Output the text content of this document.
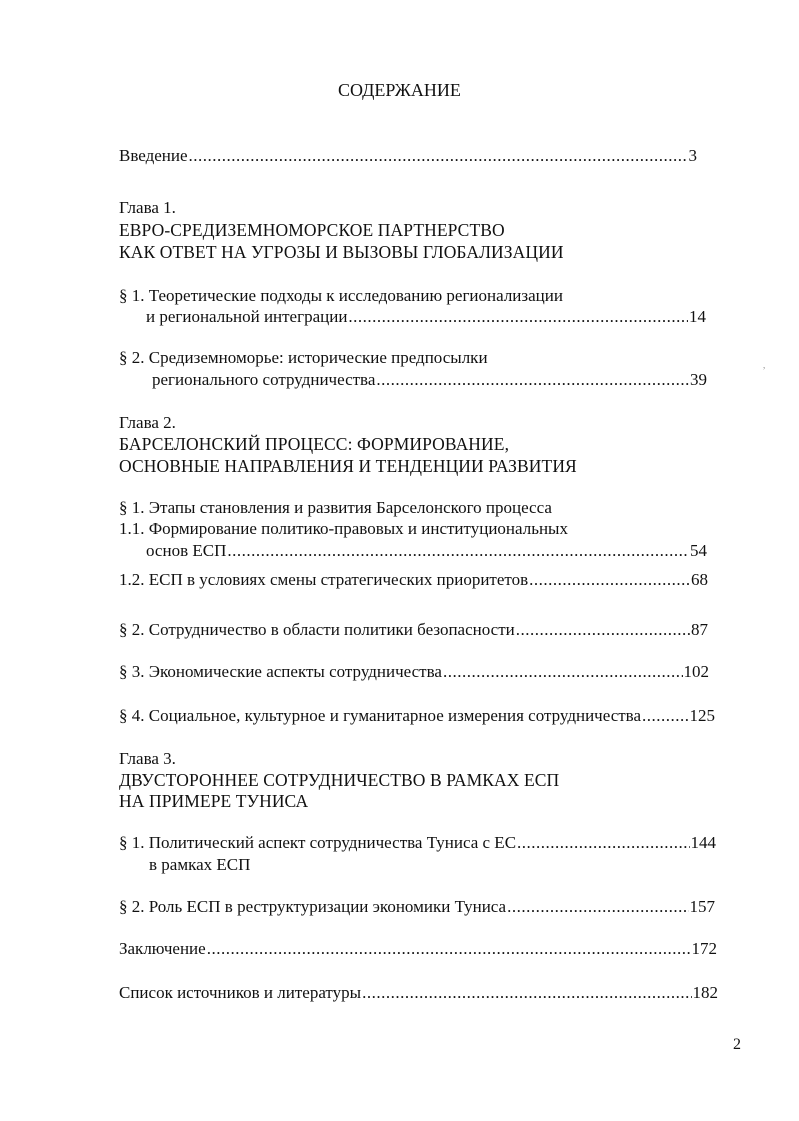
СОДЕРЖАНИЕ
Введение .....	3
Глава 1.
ЕВРО-СРЕДИЗЕМНОМОРСКОЕ ПАРТНЕРСТВО
КАК ОТВЕТ НА УГРОЗЫ И ВЫЗОВЫ ГЛОБАЛИЗАЦИИ
§ 1. Теоретические подходы к исследованию регионализации
и региональной интеграции .....	14
§ 2. Средиземноморье: исторические предпосылки
регионального сотрудничества .....	39
,
Глава 2.
БАРСЕЛОНСКИЙ ПРОЦЕСС: ФОРМИРОВАНИЕ,
ОСНОВНЫЕ НАПРАВЛЕНИЯ И ТЕНДЕНЦИИ РАЗВИТИЯ
§ 1. Этапы становления и развития Барселонского процесса
1.1. Формирование политико-правовых и институциональных
основ ЕСП .....	54
1.2. ЕСП в условиях смены стратегических приоритетов .....	68
§ 2. Сотрудничество в области политики безопасности .....	87
§ 3. Экономические аспекты сотрудничества .....	102
§ 4. Социальное, культурное и гуманитарное измерения сотрудничества .....	125
Глава 3.
ДВУСТОРОННЕЕ СОТРУДНИЧЕСТВО В РАМКАХ ЕСП
НА ПРИМЕРЕ ТУНИСА
§ 1. Политический аспект сотрудничества Туниса с ЕС .....	144
в рамках ЕСП
§ 2. Роль ЕСП в реструктуризации экономики Туниса .....	157
Заключение .....	172
Список источников и литературы .....	182
2
